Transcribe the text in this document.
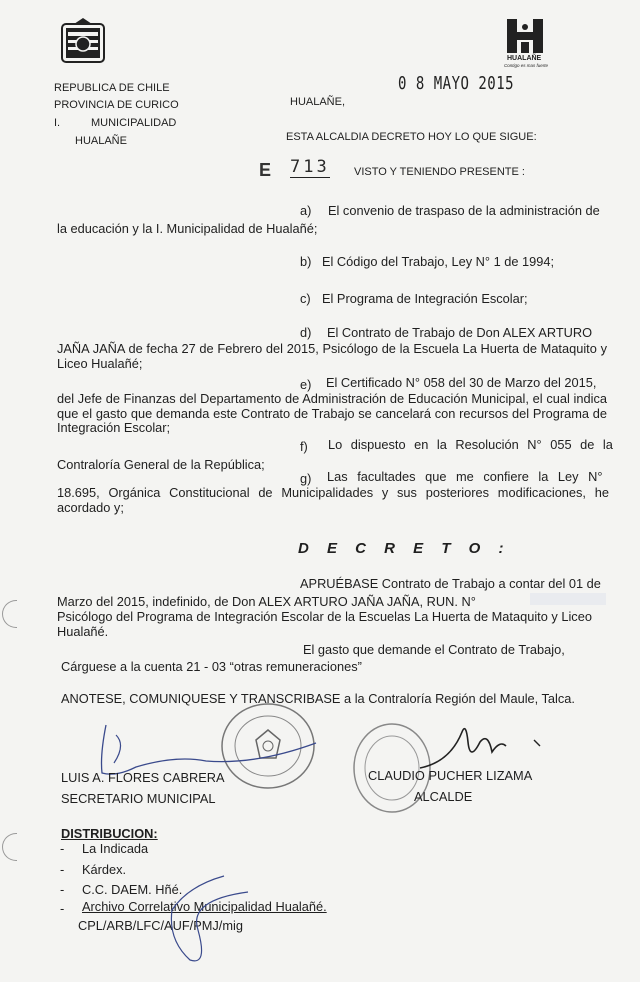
HUALAÑE
Contigo es mas fuerte
REPUBLICA DE CHILE
PROVINCIA DE CURICO
I.	MUNICIPALIDAD
HUALAÑE
HUALAÑE,
0 8 MAYO 2015
ESTA ALCALDIA DECRETO HOY LO QUE SIGUE:
E 713 VISTO Y TENIENDO PRESENTE :
a) El convenio de traspaso de la administración de
la educación y la I. Municipalidad de Hualañé;
b) El Código del Trabajo, Ley N° 1 de 1994;
c) El Programa de Integración Escolar;
d) El Contrato de Trabajo de Don ALEX ARTURO
JAÑA JAÑA de fecha 27 de Febrero del 2015, Psicólogo de la Escuela La Huerta de Mataquito y Liceo Hualañé;
e) El Certificado N° 058 del 30 de Marzo del 2015,
del Jefe de Finanzas del Departamento de Administración de Educación Municipal, el cual indica que el gasto que demanda este Contrato de Trabajo se cancelará con recursos del Programa de Integración Escolar;
f) Lo dispuesto en la Resolución N° 055 de la
Contraloría General de la República;
g) Las facultades que me confiere la Ley N°
18.695, Orgánica Constitucional de Municipalidades y sus posteriores modificaciones, he acordado y;
D E C R E T O :
APRUÉBASE Contrato de Trabajo a contar del 01 de
Marzo del 2015, indefinido, de Don ALEX ARTURO JAÑA JAÑA, RUN. N°
Psicólogo del Programa de Integración Escolar de la Escuelas La Huerta de Mataquito y Liceo Hualañé.
El gasto que demande el Contrato de Trabajo,
Cárguese a la cuenta 21 - 03 “otras remuneraciones”
ANOTESE, COMUNIQUESE Y TRANSCRIBASE a la Contraloría Región del Maule, Talca.
LUIS A. FLORES CABRERA
SECRETARIO MUNICIPAL
CLAUDIO PUCHER LIZAMA
ALCALDE
DISTRIBUCION:
- La Indicada
- Kárdex.
- C.C. DAEM. Hñé.
- Archivo Correlativo Municipalidad Hualañé.
CPL/ARB/LFC/AUF/PMJ/mig
